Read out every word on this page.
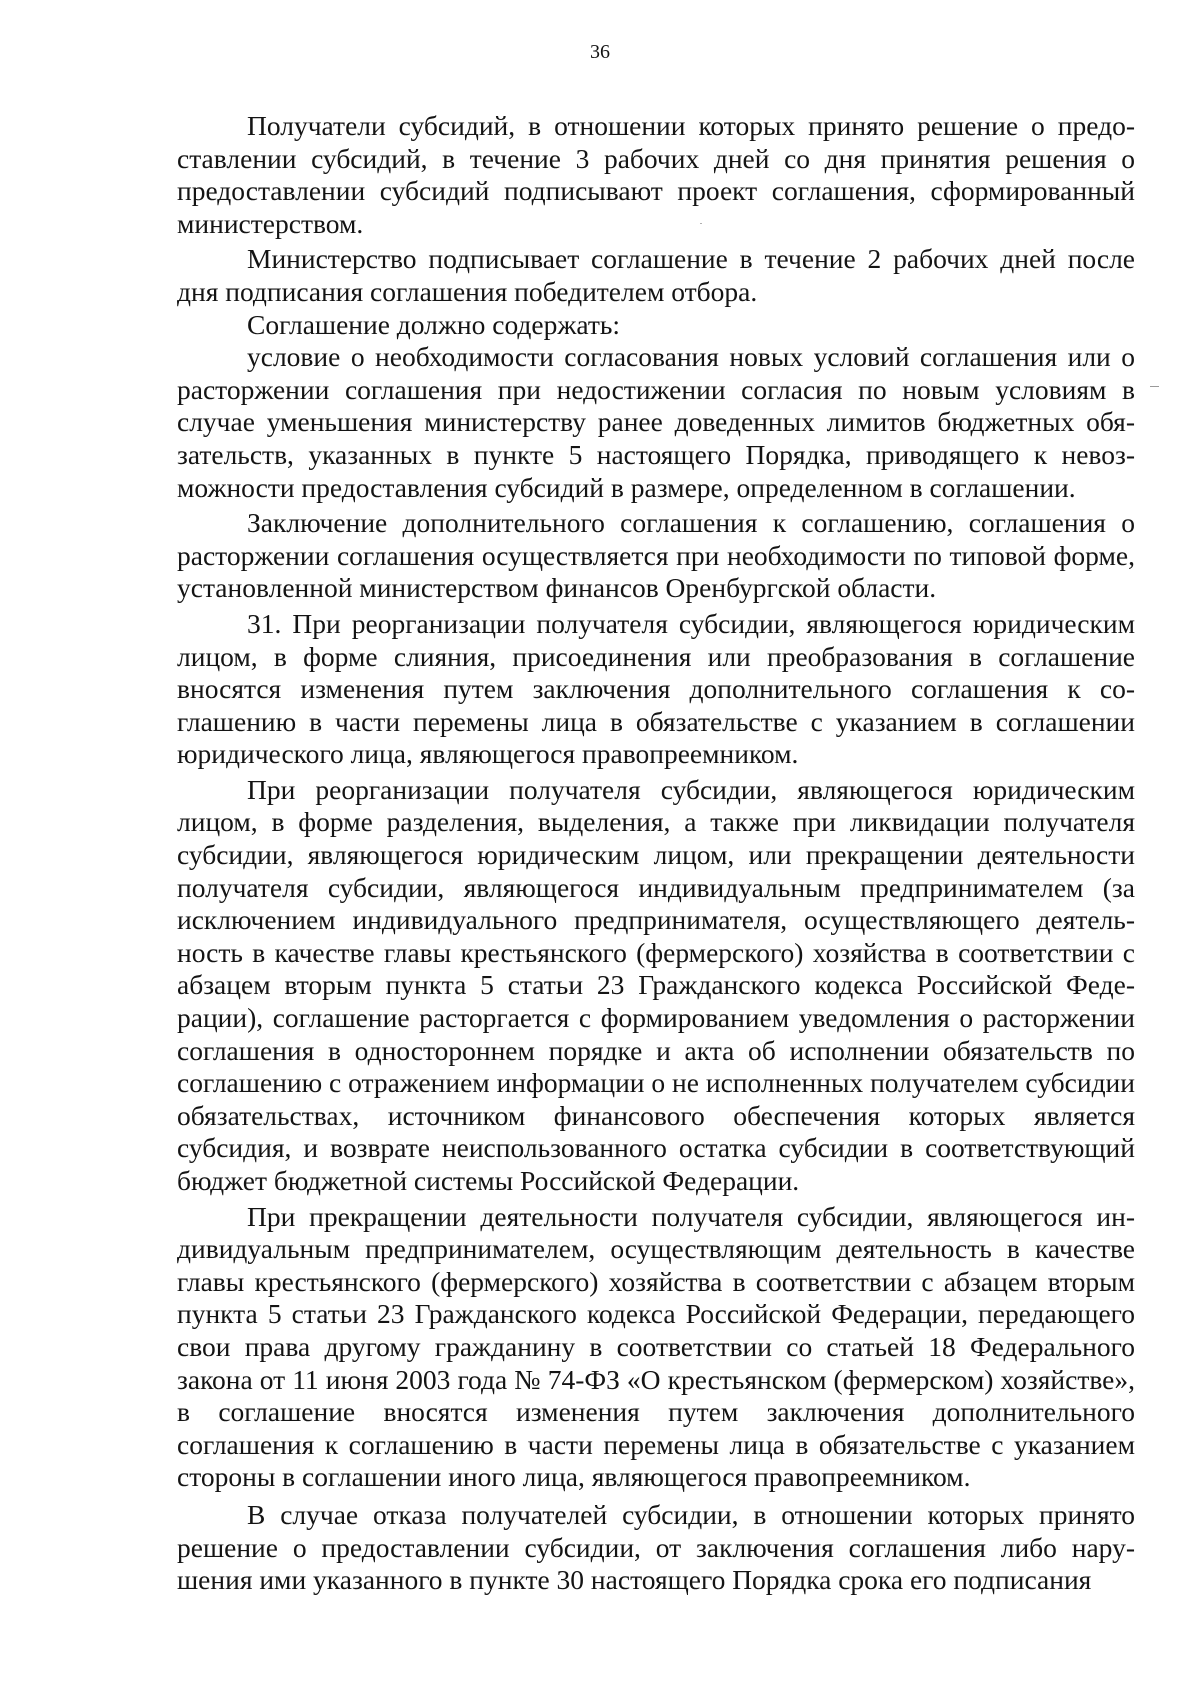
36

Получатели субсидий, в отношении которых принято решение о предоставлении субсидий, в течение 3 рабочих дней со дня принятия решения о предоставлении субсидий подписывают проект соглашения, сформированный министерством.

Министерство подписывает соглашение в течение 2 рабочих дней после дня подписания соглашения победителем отбора.

Соглашение должно содержать:

условие о необходимости согласования новых условий соглашения или о расторжении соглашения при недостижении согласия по новым условиям в случае уменьшения министерству ранее доведенных лимитов бюджетных обязательств, указанных в пункте 5 настоящего Порядка, приводящего к невозможности предоставления субсидий в размере, определенном в соглашении.

Заключение дополнительного соглашения к соглашению, соглашения о расторжении соглашения осуществляется при необходимости по типовой форме, установленной министерством финансов Оренбургской области.

31. При реорганизации получателя субсидии, являющегося юридическим лицом, в форме слияния, присоединения или преобразования в соглашение вносятся изменения путем заключения дополнительного соглашения к соглашению в части перемены лица в обязательстве с указанием в соглашении юридического лица, являющегося правопреемником.

При реорганизации получателя субсидии, являющегося юридическим лицом, в форме разделения, выделения, а также при ликвидации получателя субсидии, являющегося юридическим лицом, или прекращении деятельности получателя субсидии, являющегося индивидуальным предпринимателем (за исключением индивидуального предпринимателя, осуществляющего деятельность в качестве главы крестьянского (фермерского) хозяйства в соответствии с абзацем вторым пункта 5 статьи 23 Гражданского кодекса Российской Федерации), соглашение расторгается с формированием уведомления о расторжении соглашения в одностороннем порядке и акта об исполнении обязательств по соглашению с отражением информации о не исполненных получателем субсидии обязательствах, источником финансового обеспечения которых является субсидия, и возврате неиспользованного остатка субсидии в соответствующий бюджет бюджетной системы Российской Федерации.

При прекращении деятельности получателя субсидии, являющегося индивидуальным предпринимателем, осуществляющим деятельность в качестве главы крестьянского (фермерского) хозяйства в соответствии с абзацем вторым пункта 5 статьи 23 Гражданского кодекса Российской Федерации, передающего свои права другому гражданину в соответствии со статьей 18 Федерального закона от 11 июня 2003 года № 74-ФЗ «О крестьянском (фермерском) хозяйстве», в соглашение вносятся изменения путем заключения дополнительного соглашения к соглашению в части перемены лица в обязательстве с указанием стороны в соглашении иного лица, являющегося правопреемником.

В случае отказа получателей субсидии, в отношении которых принято решение о предоставлении субсидии, от заключения соглашения либо нарушения ими указанного в пункте 30 настоящего Порядка срока его подписания
